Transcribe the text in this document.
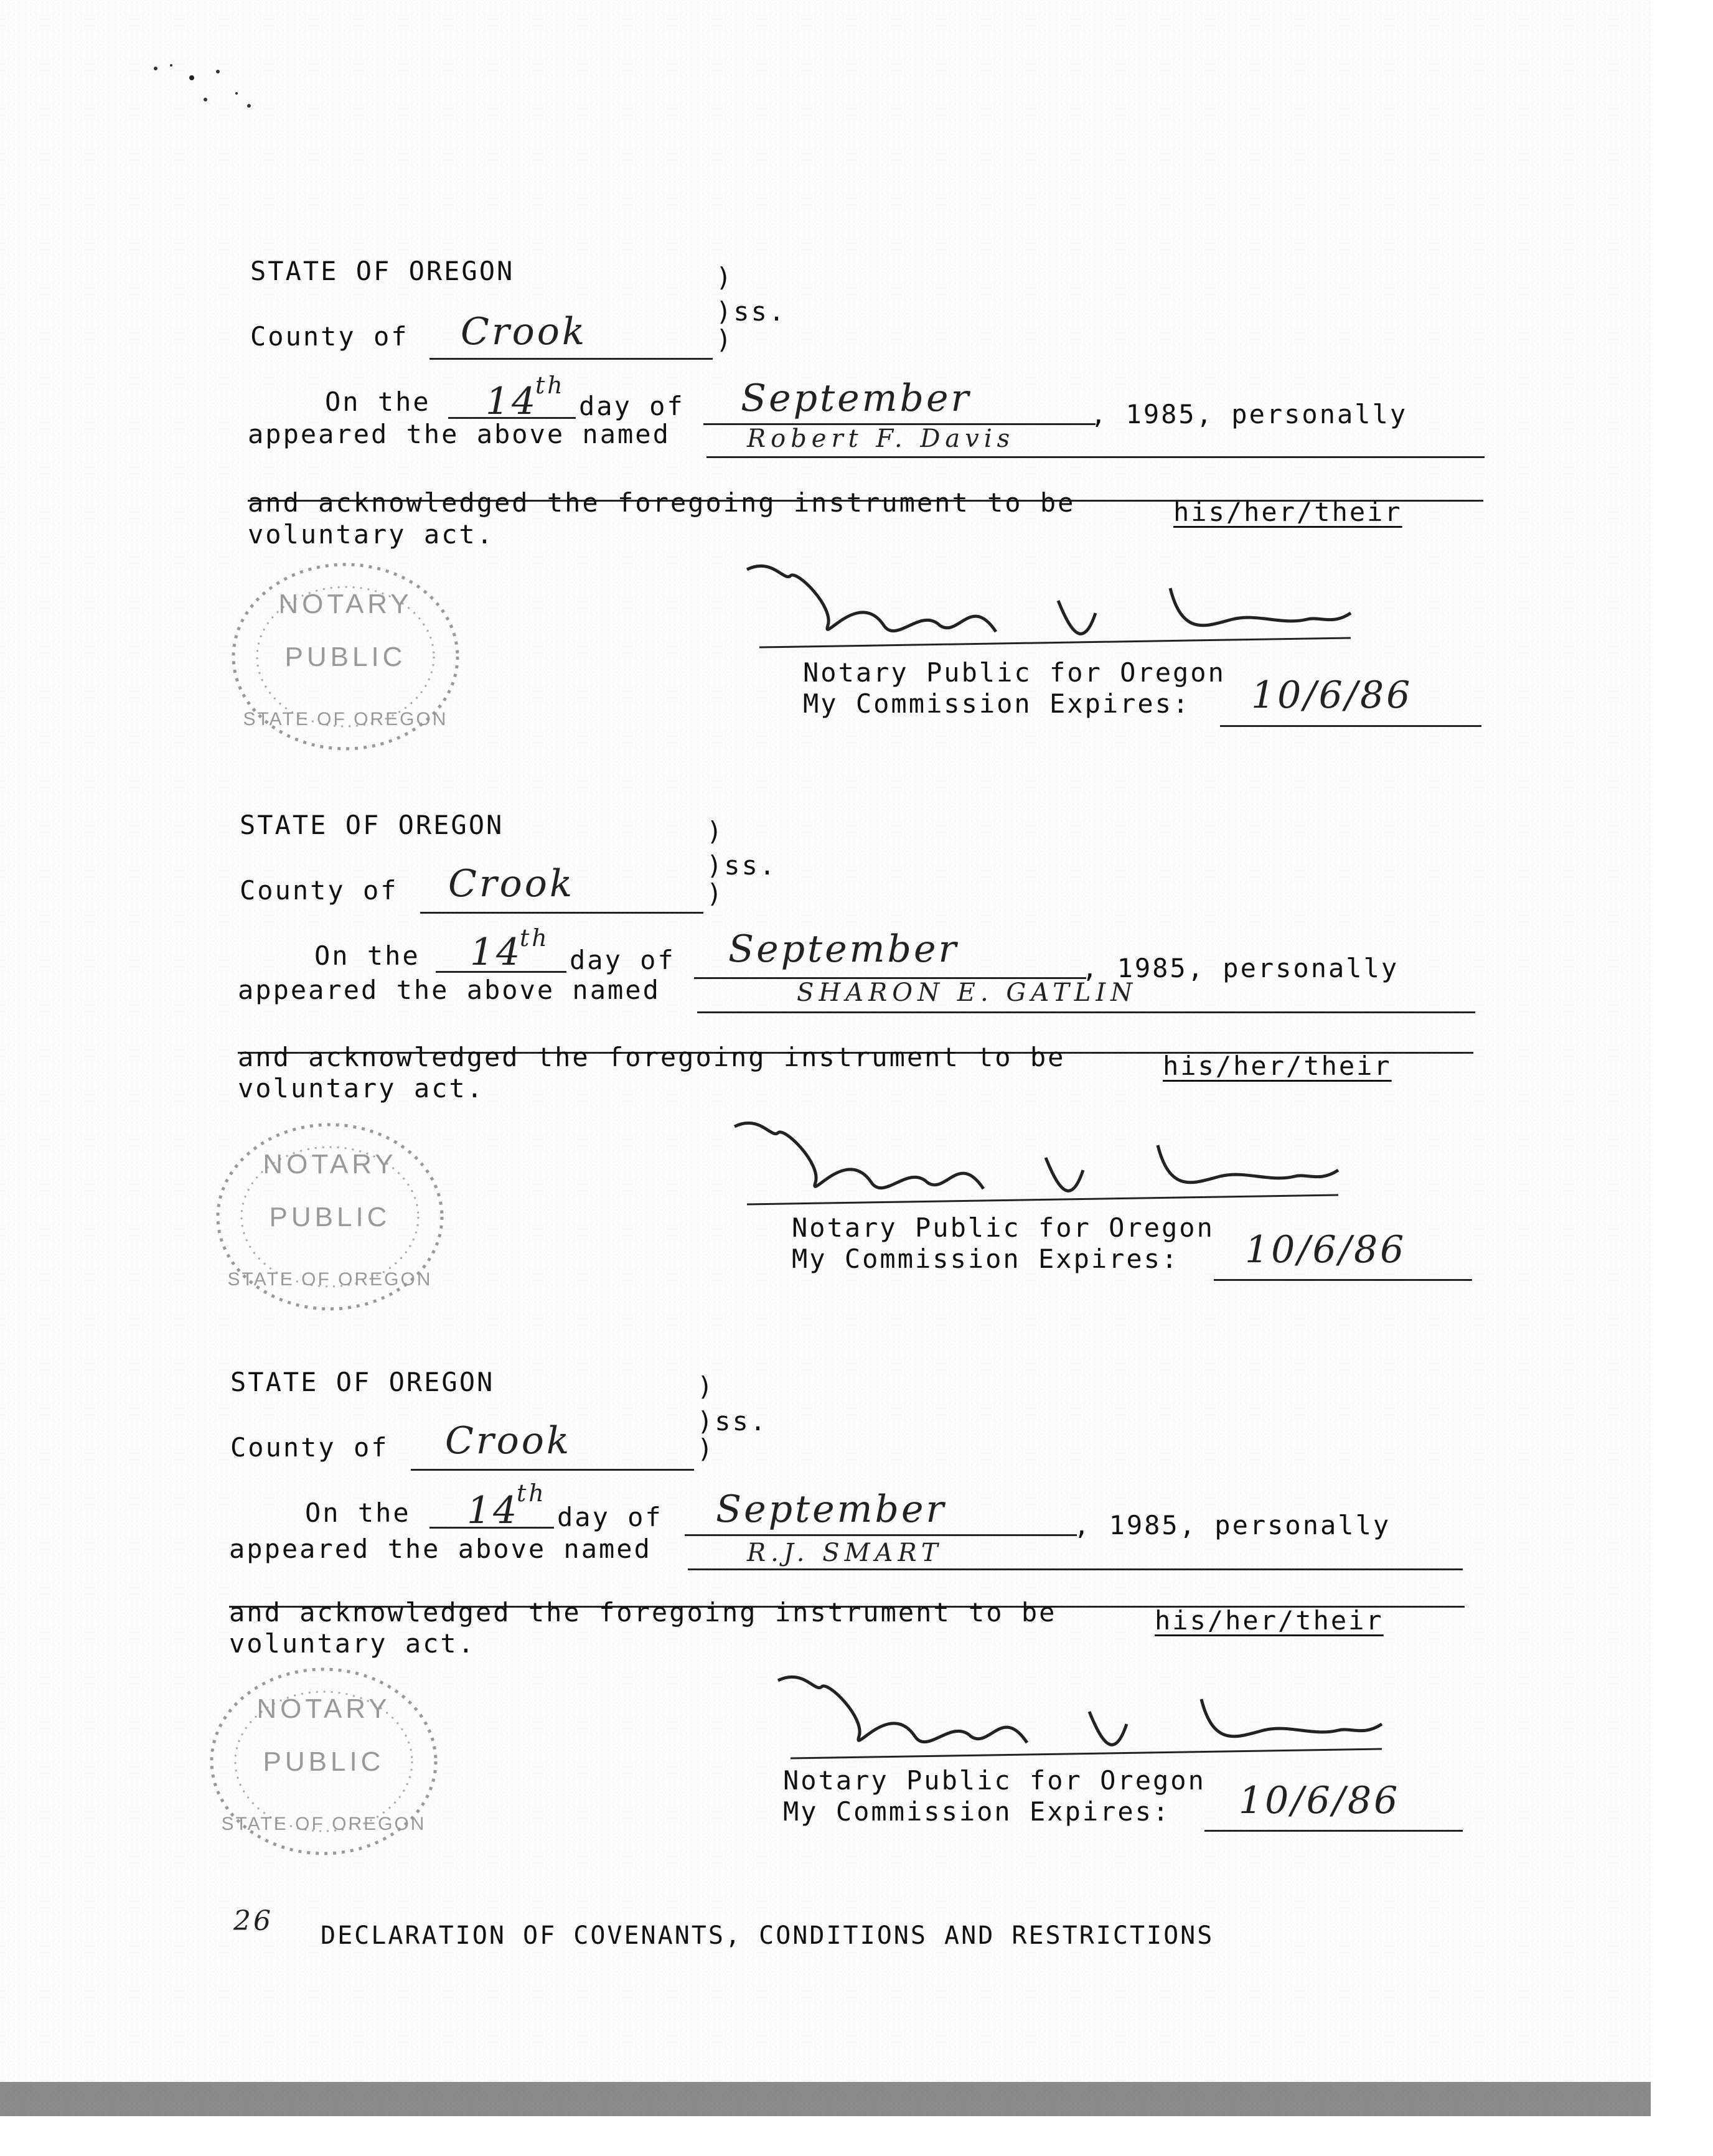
STATE OF OREGON	)
)ss.
County of Crook	)
On the 14
th
day of September	, 1985, personally
appeared the above named	Robert F. Davis
and acknowledged the foregoing instrument to be	his/her/their
voluntary act.
NOTARY
PUBLIC
STATE OF OREGON
Notary Public for Oregon
My Commission Expires: 10/6/86
STATE OF OREGON	)
)ss.
County of Crook	)
On the 14
th
day of September	, 1985, personally
appeared the above named	SHARON E. GATLIN
and acknowledged the foregoing instrument to be	his/her/their
voluntary act.
NOTARY
PUBLIC
STATE OF OREGON
Notary Public for Oregon
My Commission Expires: 10/6/86
STATE OF OREGON	)
)ss.
County of Crook	)
On the 14
th
day of September	, 1985, personally
appeared the above named	R.J. SMART
and acknowledged the foregoing instrument to be	his/her/their
voluntary act.
NOTARY
PUBLIC
STATE OF OREGON
Notary Public for Oregon
My Commission Expires: 10/6/86
26 DECLARATION OF COVENANTS, CONDITIONS AND RESTRICTIONS
